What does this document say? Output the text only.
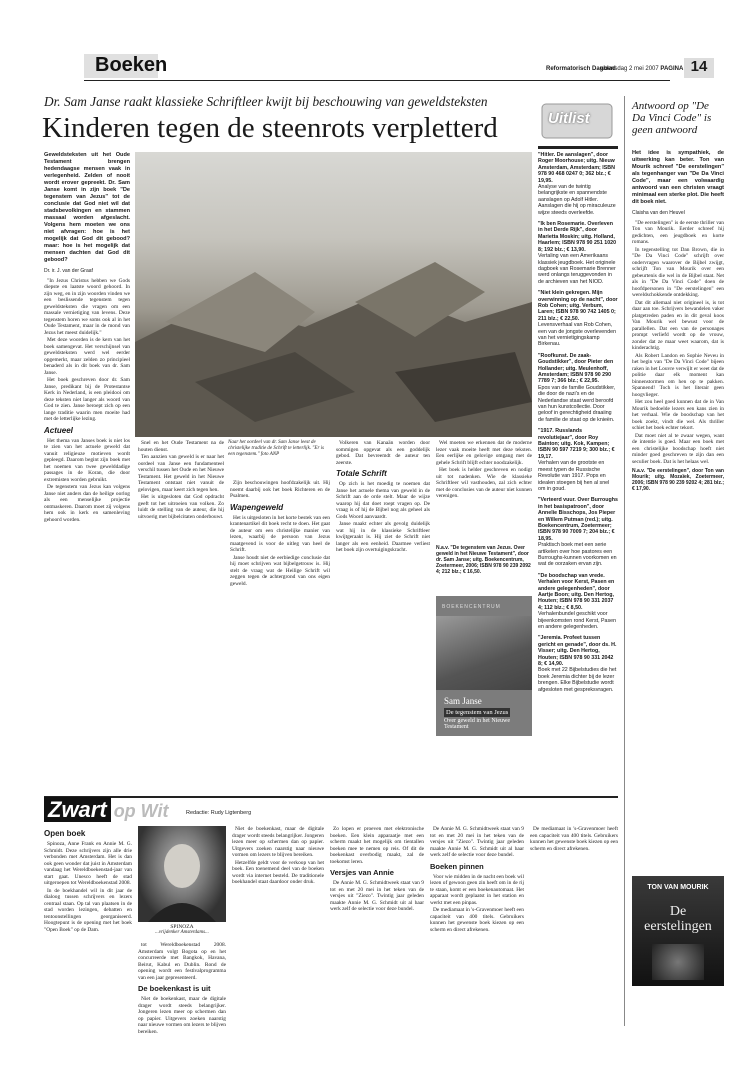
Boeken	Reformatorisch Dagblad
woensdag 2 mei 2007 PAGINA 14
Dr. Sam Janse raakt klassieke Schriftleer kwijt bij beschouwing van geweldsteksten
Kinderen tegen de steenrots verpletterd

Geweldsteksten uit het Oude Testament brengen hedendaagse mensen vaak in verlegenheid. Zelden of nooit wordt erover gepreekt. Dr. Sam Janse komt in zijn boek "De tegenstem van Jezus" tot de conclusie dat God niet wil dat stadsbevolkingen en stammen massaal worden afgeslacht. Volgens hem moeten we ons niet afvragen: hoe is het mogelijk dat God dit gebood? maar: hoe is het mogelijk dat mensen dachten dat God dit gebood?

Dr. ir. J. van der Graaf

"In Jezus Christus hebben we Gods diepste en laatste woord gehoord. In zijn weg, en in zijn woorden vinden we een beslissende tegenstem tegen geweldsteksten die vragen om een massale vernietiging van levens. Deze tegenstem horen we soms ook al in het Oude Testament, maar in de mond van Jezus het meest duidelijk."

Met deze woorden is de kern van het boek samengevat. Het verschijnsel van geweldsteksten werd wel eerder opgemerkt, maar zelden zo principieel benaderd als in dit boek van dr. Sam Janse.

Het boek geschreven door dr. Sam Janse, predikant bij de Protestantse Kerk in Nederland, is een pleidooi om deze teksten niet langer als woord van God te zien. Janse beroept zich op een lange traditie waarin men moeite had met de letterlijke lezing.

Actueel

Het thema van Janses boek is niet los te zien van het actuele geweld dat vanuit religieuze motieven wordt gepleegd. Daarom begint zijn boek met het noemen van twee gewelddadige passages in de Koran, die door extremisten worden gebruikt.

De tegenstem van Jezus kan volgens Janse niet anders dan de heilige oorlog als een menselijke projectie ontmaskeren. Daarom moet zij volgens hem ook in kerk en samenleving gehoord worden.

Naar het oordeel van dr. Sam Janse leest de christelijke traditie de Schrift te letterlijk. "Er is een tegenstem." foto ANP

Snel en het Oude Testament na de houten dienst.

Ten aanzien van geweld is er naar het oordeel van Janse een fundamenteel verschil tussen het Oude en het Nieuwe Testament. Het geweld in het Nieuwe Testament ontstaat niet vanuit de gelovigen, maar keert zich tegen hen.

Het is uitgesloten dat God opdracht geeft tot het uitroeien van volken. Zo luidt de stelling van de auteur, die hij uitvoerig met bijbelcitaten onderbouwt.

Zijn beschouwingen hoofdzakelijk uit. Hij noemt daarbij ook het boek Richteren en de Psalmen.

Wapengeweld

Het is uitgesloten in het korte bestek van een krantenartikel dit boek recht te doen. Het gaat de auteur om een christelijke manier van lezen, waarbij de persoon van Jezus maatgevend is voor de uitleg van heel de Schrift.

Janse houdt niet de eerbiedige conclusie dat hij moet schrijven wat bijbelgetrouw is. Hij stelt de vraag wat de Heilige Schrift wil zeggen tegen de achtergrond van ons eigen geweld.

Volkeren van Kanaän worden door sommigen opgevat als een goddelijk gebod. Dat bevreemdt de auteur ten zeerste.

Totale Schrift

Op zich is het moedig te noemen dat Janse het actuele thema van geweld in de Schrift aan de orde stelt. Maar de wijze waarop hij dat doet roept vragen op. De vraag is of hij de Bijbel nog als geheel als Gods Woord aanvaardt.

Janse maakt echter als gevolg duidelijk wat hij in de klassieke Schriftleer kwijtgeraakt is. Hij ziet de Schrift niet langer als een eenheid. Daarmee verliest het boek zijn overtuigingskracht.

Wel moeten we erkennen dat de moderne lezer vaak moeite heeft met deze teksten. Een eerlijke en gelovige omgang met de gehele Schrift blijft echter noodzakelijk.

Het boek is helder geschreven en nodigt uit tot nadenken. Wie de klassieke Schriftleer wil vasthouden, zal zich echter met de conclusies van de auteur niet kunnen verenigen.

N.a.v. "De tegenstem van Jezus. Over geweld in het Nieuwe Testament", door dr. Sam Janse; uitg. Boekencentrum, Zoetermeer, 2006; ISBN 978 90 239 2092 4; 212 blz.; € 16,50.
BOEKENCENTRUM
Sam Janse
De tegenstem van Jezus
Over geweld in het Nieuwe Testament
Uitlist
"Hitler. De aanslagen", door Roger Moorhouse; uitg. Nieuw Amsterdam, Amsterdam; ISBN 978 90 468 0247 0; 362 blz.; € 19,95.
Analyse van de twintig belangrijkste en spannendste aanslagen op Adolf Hitler. Aanslagen die hij op miraculeuze wijze steeds overleefde.
"Ik ben Rosemarie. Overleven in het Derde Rijk", door Marietta Moskin; uitg. Holland, Haarlem; ISBN 978 90 251 1020 8; 192 blz.; € 13,90.
Vertaling van een Amerikaans klassiek jeugdboek. Het originele dagboek van Rosemarie Brenner werd onlangs teruggevonden in de archieven van het NIOD.
"Niet klein gekregen. Mijn overwinning op de nacht", door Rob Cohen; uitg. Verbum, Laren; ISBN 978 90 742 1405 0; 211 blz.; € 22,50.
Levensverhaal van Rob Cohen, een van de jongste overlevenden van het vernietigingskamp Birkenau.
"Roofkunst. De zaak-Goudstikker", door Pieter den Hollander; uitg. Meulenhoff, Amsterdam; ISBN 978 90 290 7789 7; 366 blz.; € 22,95.
Epos van de familie Goudstikker, die door de nazi's en de Nederlandse staat werd beroofd van hun kunstcollectie. Door geloof in gerechtigheid draaiing de familie de staat op de knieën.
"1917. Russlands revolutiejaar", door Roy Bainton; uitg. Kok, Kampen; ISBN 90 597 7219 9; 300 blz.; € 19,17.
Verhalen van de grootste en meest typen de Russische Revolutie van 1917. Pops en idealen stoegen bij hen al snel om in goud.
"Verteerd vuur. Over Burroughs in het basispatroon", door Annelie Bisschops, Jos Pieper en Willem Putman (red.); uitg. Boekencentrum, Zoetermeer; ISBN 978 90 7009 7; 204 blz.; € 18,95.
Praktisch boek met een serie artikelen over hoe pastores een Burroughs-kunnen voorkomen en wat de oorzaken ervan zijn.
"De boodschap van vrede. Verhalen voor Kerst, Pasen en andere gelegenheden", door Aartje Boon; uitg. Den Hertog, Houten; ISBN 978 90 331 2037 4; 112 blz.; € 8,50.
Verhalenbundel geschikt voor bijeenkomsten rond Kerst, Pasen en andere gelegenheden.
"Jeremia. Profeet tussen gericht en genade", door ds. H. Visser; uitg. Den Hertog, Houten; ISBN 978 90 331 2042 8; € 14,90.
Boek met 22 Bijbelstudies die het boek Jeremia dichter bij de lezer brengen. Elke Bijbelstudie wordt afgesloten met gespreksvragen.
Antwoord op "De Da Vinci Code" is geen antwoord

Het idee is sympathiek, de uitwerking kan beter. Ton van Mourik schreef "De eerstelingen" als tegenhanger van "De Da Vinci Code", maar een volwaardig antwoord van een christen vraagt minimaal een sterke plot. Die heeft dit boek niet.

Claisha van den Heuvel

"De eerstelingen" is de eerste thriller van Ton van Mourik. Eerder schreef hij gedichten, een jeugdboek en korte romans.

In tegenstelling tot Dan Brown, die in "De Da Vinci Code" schrijft over ondervragen waarover de Bijbel zwijgt, schrijft Ton van Mourik over een gebeurtenis die wel in de Bijbel staat. Net als in "De Da Vinci Code" doen de hoofdpersonen in "De eerstelingen" een wereldschokkende ontdekking.

Dat dit allemaal niet origineel is, is tot daar aan toe. Schrijvers bewandelen vaker platgetreden paden en in dit geval koos Van Mourik wel bewust voor de parallellen. Dat een van de personages prompt verliefd wordt op de vrouw, zonder dat ze maar weet waarom, dat is kinderachtig.

Als Robert Landon en Sophie Neveu in het begin van "De Da Vinci Code" bijeen raken in het Louvre verwijlt er weet dat de politie daar elk moment kan binnenstormen om hen op te pakken. Spannend! Toch is het literair geen hoogvlieger.

Het zou heel goed kunnen dat de in Van Mourik bedoelde lezers een kans zien in het verhaal. Wie de boodschap van het boek zoekt, vindt die wel. Als thriller schiet het boek echter tekort.

Dat moet niet al te zwaar wegen, want de intentie is goed. Maar een boek met een christelijke boodschap hoeft niet minder goed geschreven te zijn dan een seculier boek. Dat is het helaas wel.

N.a.v. "De eerstelingen", door Ton van Mourik; uitg. Mozaïek, Zoetermeer, 2006; ISBN 978 90 239 9202 4; 281 blz.; € 17,90.

TON VAN MOURIK
De eerstelingen
Zwart op Wit	Redactie: Rudy Ligtenberg
Open boek

Spinoza, Anne Frank en Annie M. G. Schmidt. Deze schrijvers zijn alle drie verbonden met Amsterdam. Het is dan ook geen wonder dat juist in Amsterdam vandaag het Wereldboekenstad-jaar van start gaat. Unesco heeft de stad uitgeroepen tot Wereldboekenstad 2008.

In de boekhandel wil in dit jaar de dialoog tussen schrijvers en lezers centraal staan. Op tal van plaatsen in de stad worden lezingen, debatten en tentoonstellingen georganiseerd. Hoogtepunt is de opening met het boek "Open Boek" op de Dam.	SPINOZA
...vrijdenker Amsterdams...

tot Wereldboekenstad 2008. Amsterdam volgt Bogota op en het concurreerde met Bangkok, Havana, Beirut, Kabul en Dublin. Rond de opening wordt een festivalprogramma van een jaar gepresenteerd.

De boekenkast is uit

Niet de boekenkast, maar de digitale drager wordt steeds belangrijker. Jongeren lezen meer op schermen dan op papier. Uitgevers zoeken naarstig naar nieuwe vormen om lezers te blijven bereiken.

Niet de boekenkast, maar de digitale drager wordt steeds belangrijker. Jongeren lezen meer op schermen dan op papier. Uitgevers zoeken naarstig naar nieuwe vormen om lezers te blijven bereiken.

Hetzelfde geldt voor de verkoop van het boek. Een toenemend deel van de boeken wordt via internet besteld. De traditionele boekhandel staat daardoor onder druk.

Zo lopen er proeven met elektronische boeken. Een klein apparaatje met een scherm maakt het mogelijk om tientallen boeken mee te nemen op reis. Of dit de boekenkast overbodig maakt, zal de toekomst leren.

Versjes van Annie

De Annie M. G. Schmidtweek staat van 9 tot en met 20 mei in het teken van de versjes uit "Ziezo". Twintig jaar geleden maakte Annie M. G. Schmidt uit al haar werk zelf de selectie voor deze bundel.

De Annie M. G. Schmidtweek staat van 9 tot en met 20 mei in het teken van de versjes uit "Ziezo". Twintig jaar geleden maakte Annie M. G. Schmidt uit al haar werk zelf de selectie voor deze bundel.

Boeken pinnen

Voor wie midden in de nacht een boek wil lezen of gewoon geen zin heeft om in de rij te staan, komt er een boekenautomaat. Het apparaat wordt geplaatst in het station en werkt met een pinpas.

De mediamaat in 's-Gravenmoer heeft een capaciteit van 400 titels. Gebruikers kunnen het gewenste boek kiezen op een scherm en direct afrekenen.

De mediamaat in 's-Gravenmoer heeft een capaciteit van 400 titels. Gebruikers kunnen het gewenste boek kiezen op een scherm en direct afrekenen.
